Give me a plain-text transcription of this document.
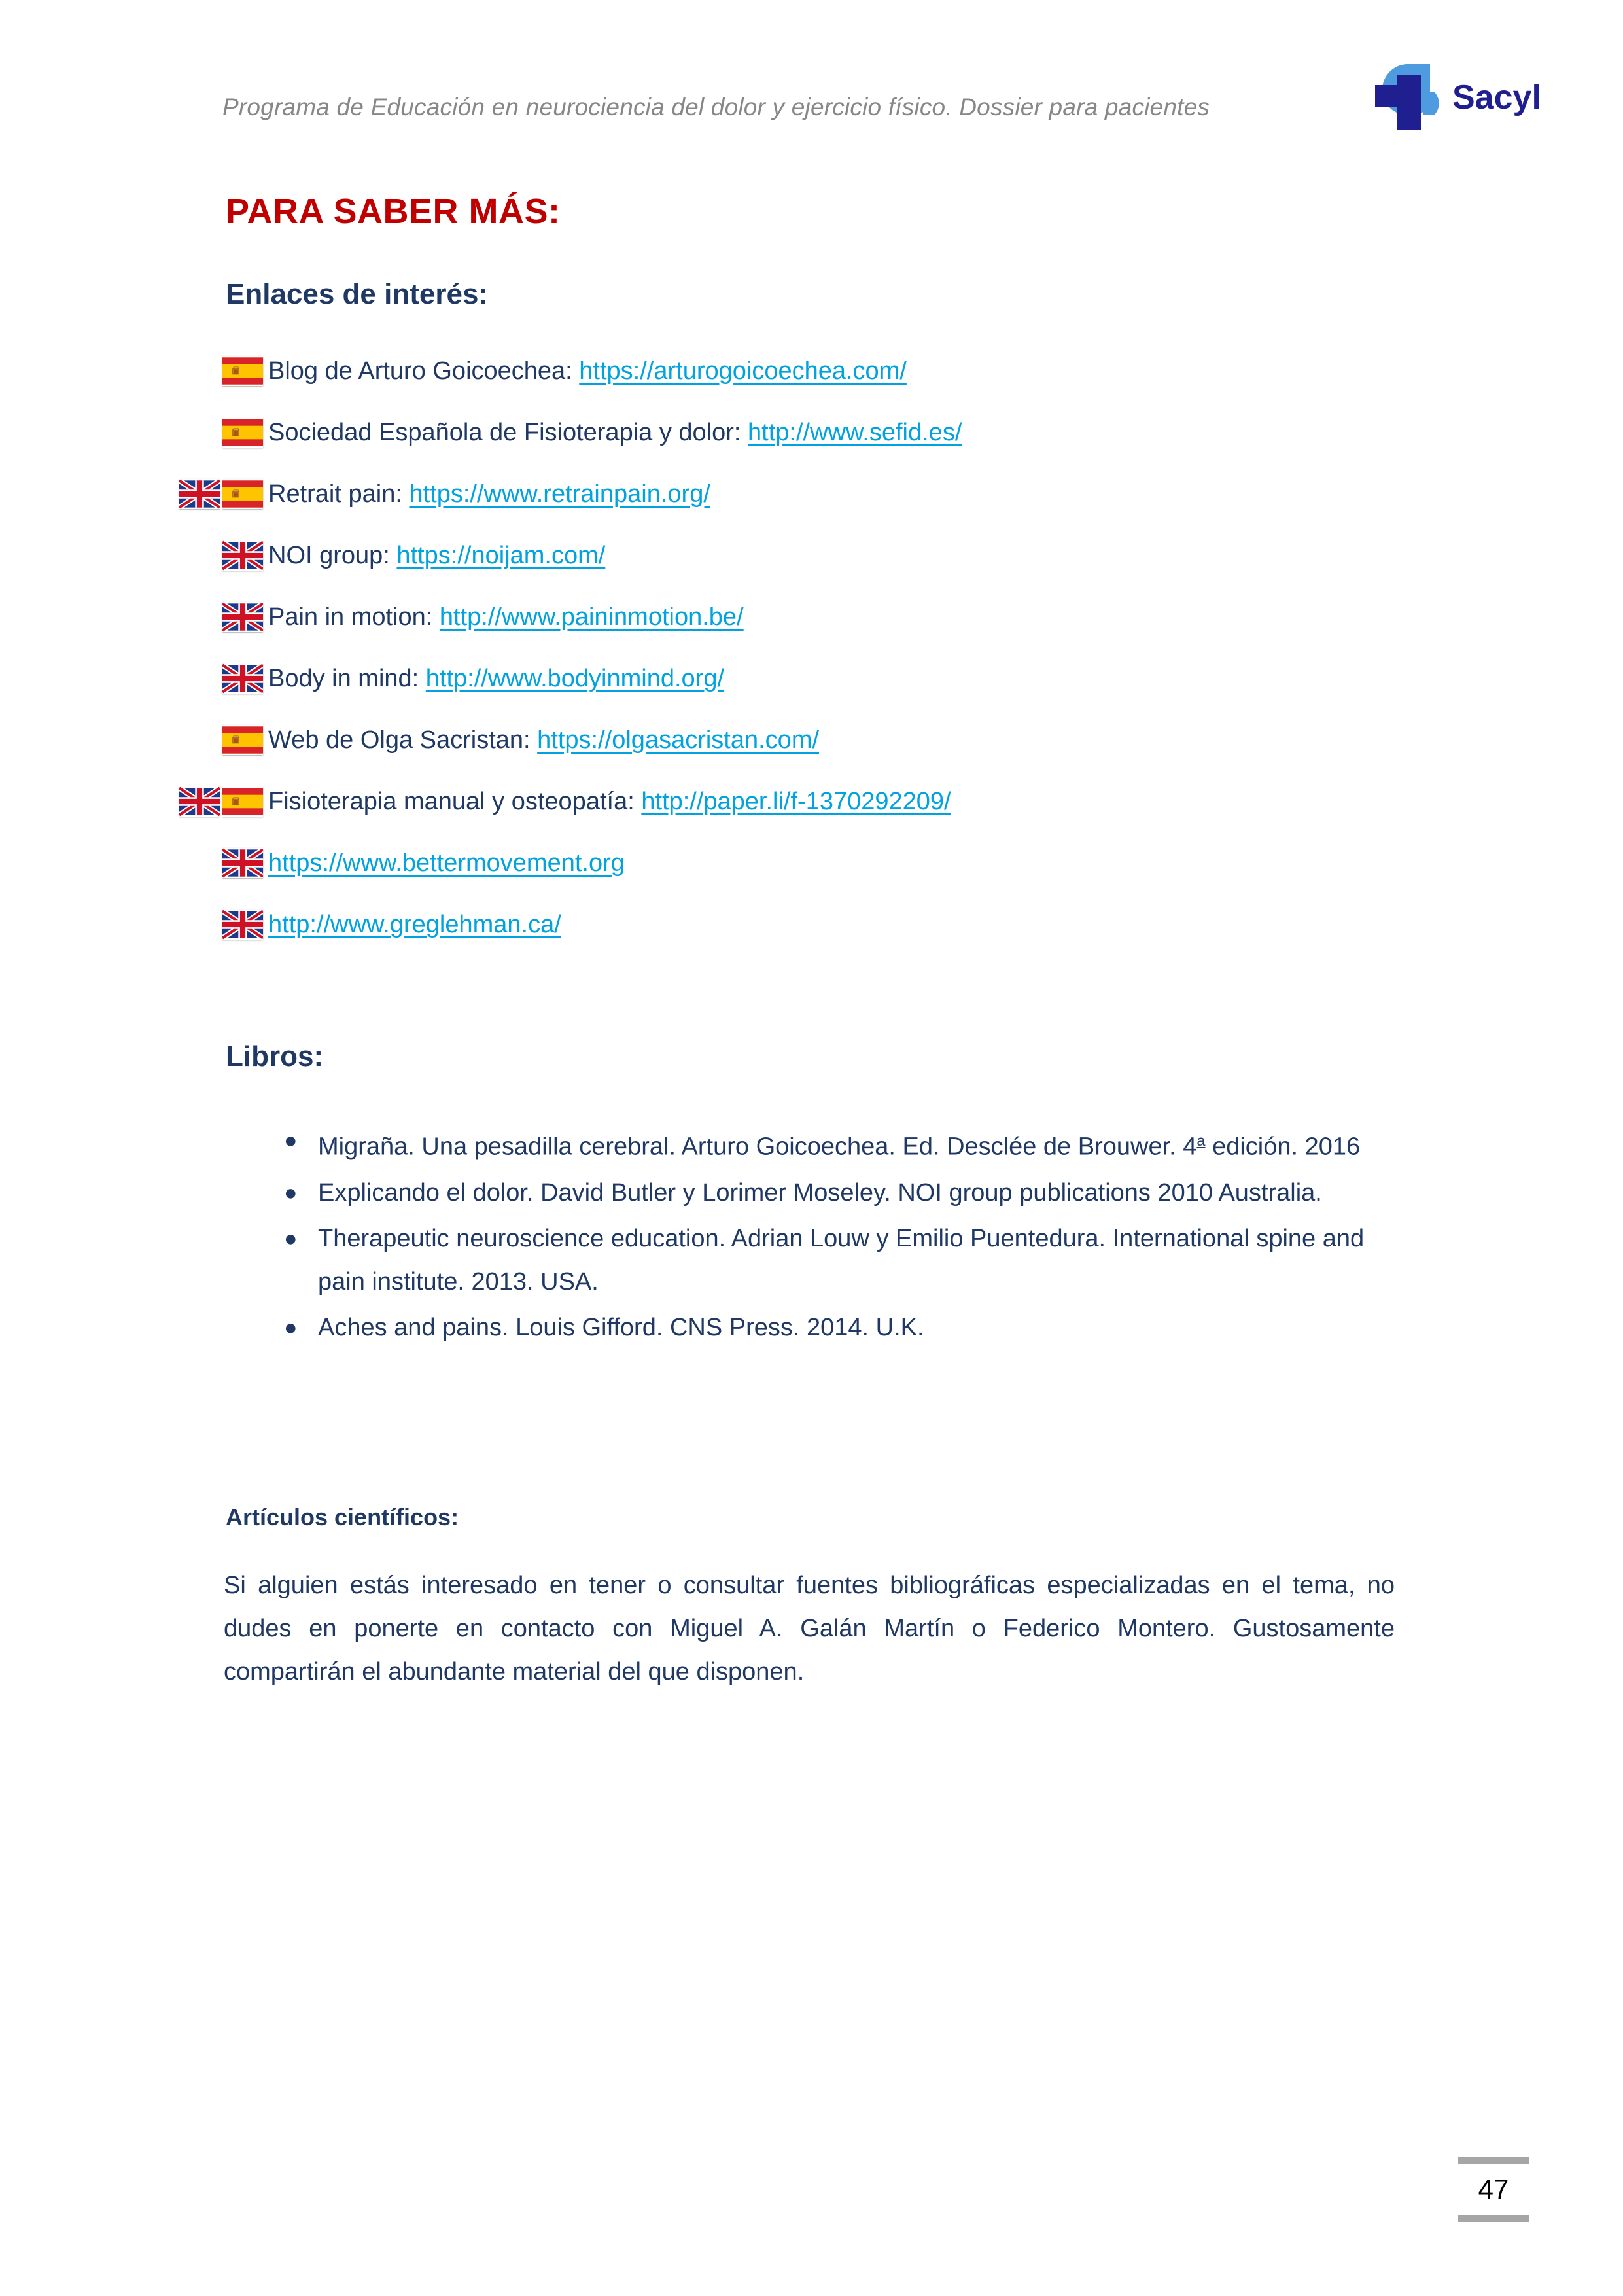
Programa de Educación en neurociencia del dolor y ejercicio físico. Dossier para pacientes	Sacyl
PARA SABER MÁS:
Enlaces de interés:
Blog de Arturo Goicoechea: https://arturogoicoechea.com/
Sociedad Española de Fisioterapia y dolor: http://www.sefid.es/
Retrait pain: https://www.retrainpain.org/
NOI group: https://noijam.com/
Pain in motion: http://www.paininmotion.be/
Body in mind: http://www.bodyinmind.org/
Web de Olga Sacristan: https://olgasacristan.com/
Fisioterapia manual y osteopatía: http://paper.li/f-1370292209/
https://www.bettermovement.org
http://www.greglehman.ca/
Libros:
● Migraña. Una pesadilla cerebral. Arturo Goicoechea. Ed. Desclée de Brouwer. 4$^a$ edición. 2016
● Explicando el dolor. David Butler y Lorimer Moseley. NOI group publications 2010 Australia.
● Therapeutic neuroscience education. Adrian Louw y Emilio Puentedura. International spine and pain institute. 2013. USA.
● Aches and pains. Louis Gifford. CNS Press. 2014. U.K.
Artículos científicos:
Si alguien estás interesado en tener o consultar fuentes bibliográficas especializadas en el tema, no dudes en ponerte en contacto con Miguel A. Galán Martín o Federico Montero. Gustosamente compartirán el abundante material del que disponen.
47
